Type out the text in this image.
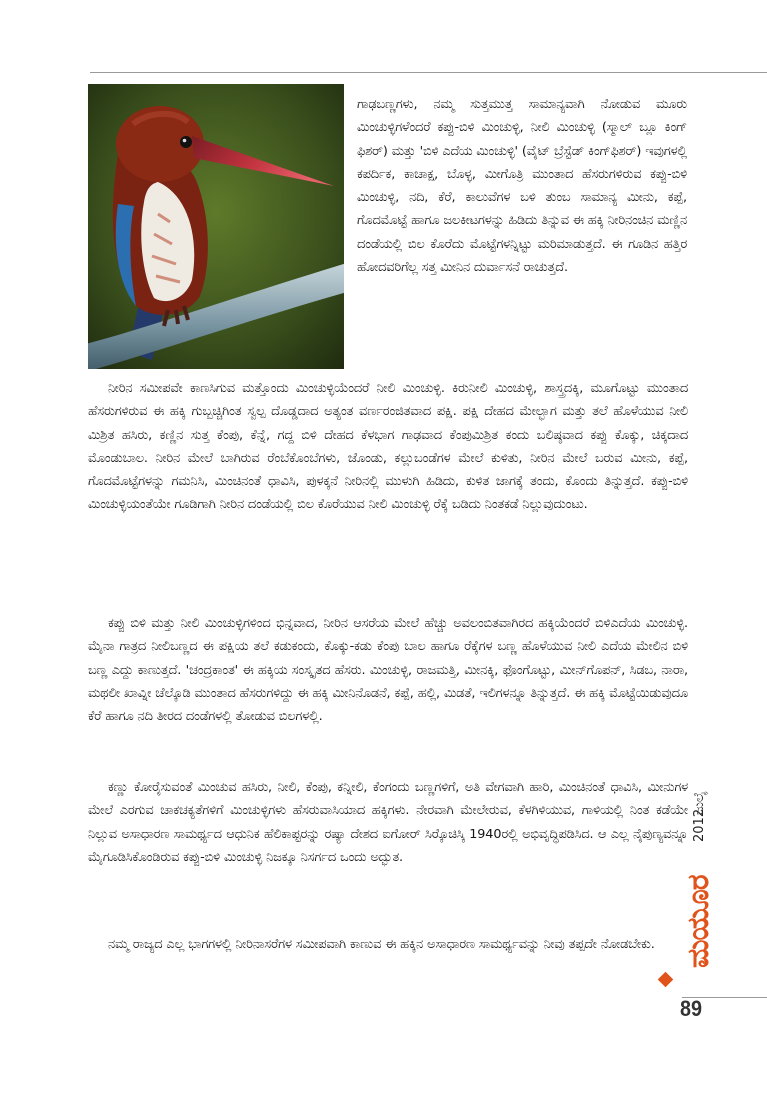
ಗಾಢಬಣ್ಣಗಳು, ನಮ್ಮ ಸುತ್ತಮುತ್ತ ಸಾಮಾನ್ಯವಾಗಿ ನೋಡುವ ಮೂರು ಮಿಂಚುಳ್ಳಿಗಳೆಂದರೆ ಕಪ್ಪು-ಬಿಳಿ ಮಿಂಚುಳ್ಳಿ, ನೀಲಿ ಮಿಂಚುಳ್ಳಿ (ಸ್ಮಾಲ್ ಬ್ಲೂ ಕಿಂಗ್ ಫಿಶರ್) ಮತ್ತು 'ಬಿಳಿ ಎದೆಯ ಮಿಂಚುಳ್ಳಿ' (ವೈಟ್ ಬ್ರೆಸ್ಟೆಡ್ ಕಿಂಗ್‌ಫಿಶರ್) ಇವುಗಳಲ್ಲಿ ಕಪರ್ದಿಕ, ಕಾಚಾಕ್ಷ, ಬೊಳ್ಳ, ಮೀಗೊತ್ರಿ ಮುಂತಾದ ಹೆಸರುಗಳಿರುವ ಕಪ್ಪು-ಬಿಳಿ ಮಿಂಚುಳ್ಳಿ, ನದಿ, ಕೆರೆ, ಕಾಲುವೆಗಳ ಬಳಿ ತುಂಬ ಸಾಮಾನ್ಯ ಮೀನು, ಕಪ್ಪೆ, ಗೊದಮೊಟ್ಟೆ ಹಾಗೂ ಜಲಕೀಟಗಳನ್ನು ಹಿಡಿದು ತಿನ್ನುವ ಈ ಹಕ್ಕಿ ನೀರಿನಂಚಿನ ಮಣ್ಣಿನ ದಂಡೆಯಲ್ಲಿ ಬಿಲ ಕೊರೆದು ಮೊಟ್ಟೆಗಳನ್ನಿಟ್ಟು ಮರಿಮಾಡುತ್ತದೆ. ಈ ಗೂಡಿನ ಹತ್ತಿರ ಹೋದವರಿಗೆಲ್ಲ ಸತ್ತ ಮೀನಿನ ದುರ್ವಾಸನೆ ರಾಚುತ್ತದೆ.

ನೀರಿನ ಸಮೀಪವೇ ಕಾಣಸಿಗುವ ಮತ್ತೊಂದು ಮಿಂಚುಳ್ಳಿಯೆಂದರೆ ನೀಲಿ ಮಿಂಚುಳ್ಳಿ. ಕಿರುನೀಲಿ ಮಿಂಚುಳ್ಳಿ, ಶಾಸ್ತ್ರದಕ್ಕಿ, ಮೂಗೊಟ್ಟು ಮುಂತಾದ ಹೆಸರುಗಳಿರುವ ಈ ಹಕ್ಕಿ ಗುಬ್ಬಚ್ಚಿಗಿಂತ ಸ್ವಲ್ಪ ದೊಡ್ಡದಾದ ಅತ್ಯಂತ ವರ್ಣರಂಜಿತವಾದ ಪಕ್ಷಿ. ಪಕ್ಷಿ ದೇಹದ ಮೇಲ್ಭಾಗ ಮತ್ತು ತಲೆ ಹೊಳೆಯುವ ನೀಲಿ ಮಿಶ್ರಿತ ಹಸಿರು, ಕಣ್ಣಿನ ಸುತ್ತ ಕೆಂಪು, ಕೆನ್ನೆ, ಗದ್ದ ಬಿಳಿ ದೇಹದ ಕೆಳಭಾಗ ಗಾಢವಾದ ಕೆಂಪುಮಿಶ್ರಿತ ಕಂದು ಬಲಿಷ್ಠವಾದ ಕಪ್ಪು ಕೊಕ್ಕು, ಚಿಕ್ಕದಾದ ಮೊಂಡುಬಾಲ. ನೀರಿನ ಮೇಲೆ ಬಾಗಿರುವ ರೆಂಬೆಕೊಂಬೆಗಳು, ಜೊಂಡು, ಕಲ್ಲುಬಂಡೆಗಳ ಮೇಲೆ ಕುಳಿತು, ನೀರಿನ ಮೇಲೆ ಬರುವ ಮೀನು, ಕಪ್ಪೆ, ಗೊದಮೊಟ್ಟೆಗಳನ್ನು ಗಮನಿಸಿ, ಮಿಂಚಿನಂತೆ ಧಾವಿಸಿ, ಪುಳಕ್ಕನೆ ನೀರಿನಲ್ಲಿ ಮುಳುಗಿ ಹಿಡಿದು, ಕುಳಿತ ಜಾಗಕ್ಕೆ ತಂದು, ಕೊಂದು ತಿನ್ನುತ್ತದೆ. ಕಪ್ಪು-ಬಿಳಿ ಮಿಂಚುಳ್ಳಿಯಂತೆಯೇ ಗೂಡಿಗಾಗಿ ನೀರಿನ ದಂಡೆಯಲ್ಲಿ ಬಿಲ ಕೊರೆಯುವ ನೀಲಿ ಮಿಂಚುಳ್ಳಿ ರೆಕ್ಕೆ ಬಡಿದು ನಿಂತಕಡೆ ನಿಲ್ಲುವುದುಂಟು.

ಕಪ್ಪು ಬಿಳಿ ಮತ್ತು ನೀಲಿ ಮಿಂಚುಳ್ಳಿಗಳಿಂದ ಭಿನ್ನವಾದ, ನೀರಿನ ಆಸರೆಯ ಮೇಲೆ ಹೆಚ್ಚು ಅವಲಂಬಿತವಾಗಿರದ ಹಕ್ಕಿಯೆಂದರೆ ಬಿಳಿಎದೆಯ ಮಿಂಚುಳ್ಳಿ. ಮೈನಾ ಗಾತ್ರದ ನೀಲಿಬಣ್ಣದ ಈ ಪಕ್ಷಿಯ ತಲೆ ಕಡುಕಂದು, ಕೊಕ್ಕು-ಕಡು ಕೆಂಪು ಬಾಲ ಹಾಗೂ ರೆಕ್ಕೆಗಳ ಬಣ್ಣ ಹೊಳೆಯುವ ನೀಲಿ ಎದೆಯ ಮೇಲಿನ ಬಿಳಿ ಬಣ್ಣ ಎದ್ದು ಕಾಣುತ್ತದೆ. 'ಚಂದ್ರಕಾಂತ' ಈ ಹಕ್ಕಿಯ ಸಂಸ್ಕೃತದ ಹೆಸರು. ಮಿಂಚುಳ್ಳಿ, ರಾಜಮತ್ತಿ, ಮೀನಕ್ಕಿ, ಫೊಂಗೊಟ್ಟು, ಮೀನ್‌ಗೊಪನ್, ಸಿಡಬ, ನಾರಾ, ಮಥಲೀ ಖಾವ್ನೀ ಚೆಲ್ಕೊಡಿ ಮುಂತಾದ ಹೆಸರುಗಳಿದ್ದು ಈ ಹಕ್ಕಿ ಮೀನಿನೊಡನೆ, ಕಪ್ಪೆ, ಹಲ್ಲಿ, ಮಿಡತೆ, ಇಲಿಗಳನ್ನೂ ತಿನ್ನುತ್ತದೆ. ಈ ಹಕ್ಕಿ ಮೊಟ್ಟೆಯಿಡುವುದೂ ಕೆರೆ ಹಾಗೂ ನದಿ ತೀರದ ದಂಡೆಗಳಲ್ಲಿ ತೋಡುವ ಬಿಲಗಳಲ್ಲಿ.

ಕಣ್ಣು ಕೋರೈಸುವಂತೆ ಮಿಂಚುವ ಹಸಿರು, ನೀಲಿ, ಕೆಂಪು, ಕನ್ನೀಲಿ, ಕೆಂಗಂದು ಬಣ್ಣಗಳಿಗೆ, ಅತಿ ವೇಗವಾಗಿ ಹಾರಿ, ಮಿಂಚಿನಂತೆ ಧಾವಿಸಿ, ಮೀನುಗಳ ಮೇಲೆ ಎರಗುವ ಚಾಕಚಕ್ಯತೆಗಳಿಗೆ ಮಿಂಚುಳ್ಳಿಗಳು ಹೆಸರುವಾಸಿಯಾದ ಹಕ್ಕಿಗಳು. ನೇರವಾಗಿ ಮೇಲೇರುವ, ಕೆಳಗಿಳಿಯುವ, ಗಾಳಿಯಲ್ಲಿ ನಿಂತ ಕಡೆಯೇ ನಿಲ್ಲುವ ಅಸಾಧಾರಣ ಸಾಮರ್ಥ್ಯದ ಆಧುನಿಕ ಹೆಲಿಕಾಪ್ಟರನ್ನು ರಷ್ಯಾ ದೇಶದ ಐಗೋರ್ ಸಿರ್‍ಕೊಚಿಸ್ಕಿ 1940ರಲ್ಲಿ ಅಭಿವೃದ್ಧಿಪಡಿಸಿದ. ಆ ಎಲ್ಲ ನೈಪುಣ್ಯವನ್ನೂ ಮೈಗೂಡಿಸಿಕೊಂಡಿರುವ ಕಪ್ಪು-ಬಿಳಿ ಮಿಂಚುಳ್ಳಿ ನಿಜಕ್ಕೂ ನಿಸರ್ಗದ ಒಂದು ಅದ್ಭುತ.

ನಮ್ಮ ರಾಜ್ಯದ ಎಲ್ಲ ಭಾಗಗಳಲ್ಲಿ ನೀರಿನಾಸರೆಗಳ ಸಮೀಪವಾಗಿ ಕಾಣುವ ಈ ಹಕ್ಕಿನ ಅಸಾಧಾರಣ ಸಾಮರ್ಥ್ಯವನ್ನು ನೀವು ತಪ್ಪದೇ ನೋಡಬೇಕು.

2012
ಜುಲೈ
ಮಯೂರ
89
